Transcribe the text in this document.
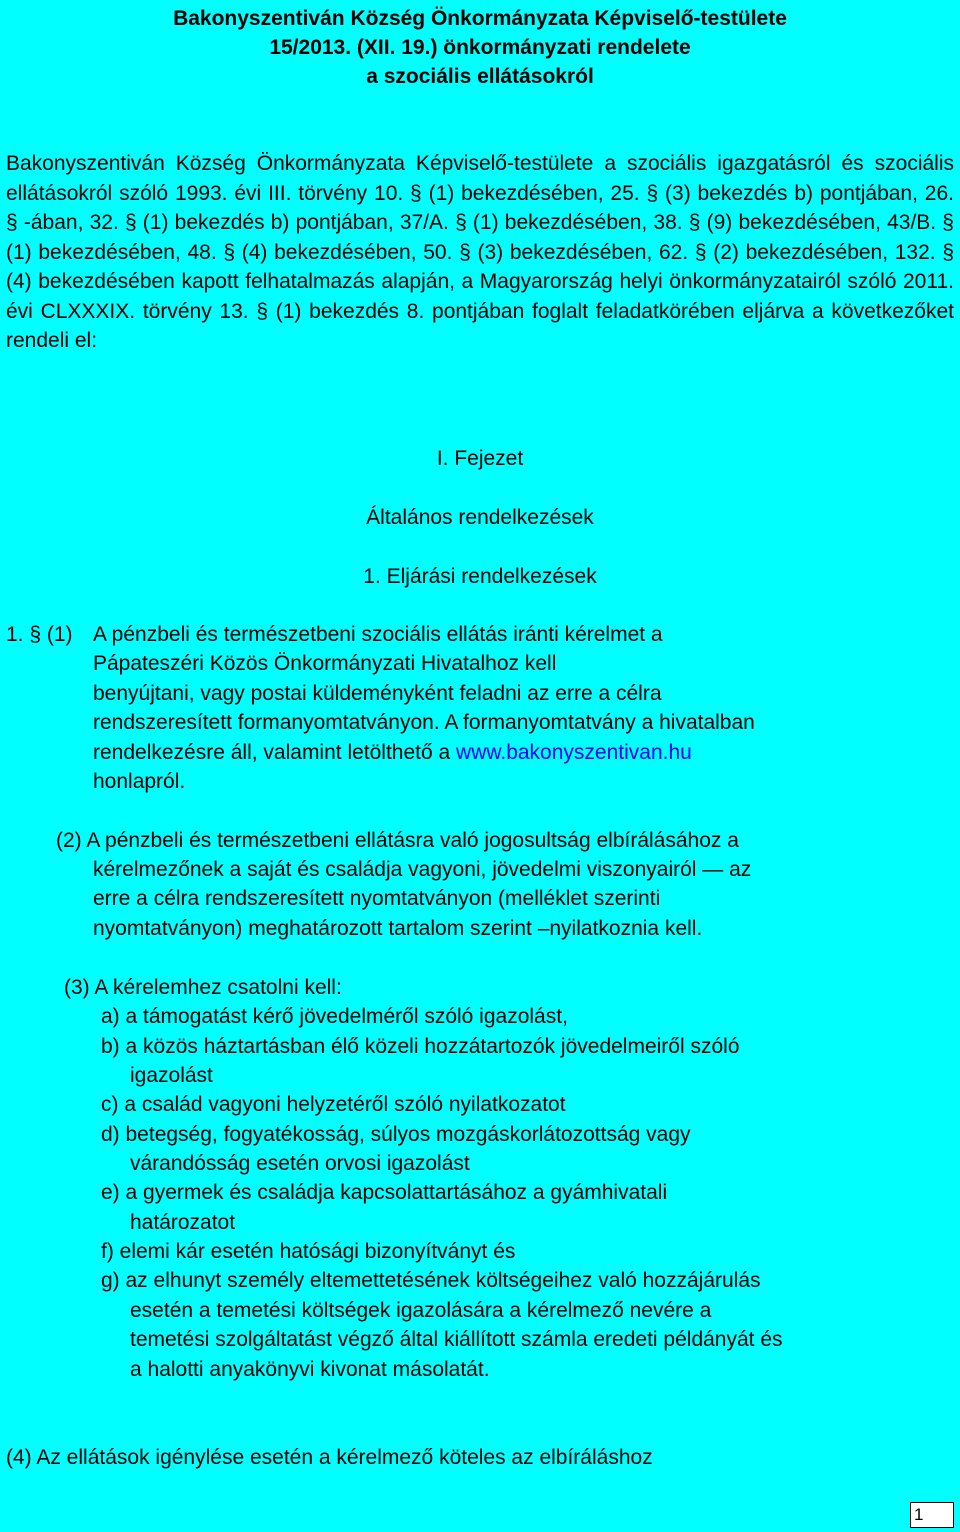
Bakonyszentiván Község Önkormányzata Képviselő-testülete
15/2013. (XII. 19.) önkormányzati rendelete
a szociális ellátásokról
Bakonyszentiván Község Önkormányzata Képviselő-testülete a szociális igazgatásról és szociális ellátásokról szóló 1993. évi III. törvény 10. § (1) bekezdésében, 25. § (3) bekezdés b) pontjában, 26. § -ában, 32. § (1) bekezdés b) pontjában, 37/A. § (1) bekezdésében, 38. § (9) bekezdésében, 43/B. § (1) bekezdésében, 48. § (4) bekezdésében, 50. § (3) bekezdésében, 62. § (2) bekezdésében, 132. § (4) bekezdésében kapott felhatalmazás alapján, a Magyarország helyi önkormányzatairól szóló 2011. évi CLXXXIX. törvény 13. § (1) bekezdés 8. pontjában foglalt feladatkörében eljárva a következőket rendeli el:
I. Fejezet
Általános rendelkezések
1. Eljárási rendelkezések
1. § (1) A pénzbeli és természetbeni szociális ellátás iránti kérelmet a
Pápateszéri Közös Önkormányzati Hivatalhoz kell
benyújtani, vagy postai küldeményként feladni az erre a célra
rendszeresített formanyomtatványon. A formanyomtatvány a hivatalban
rendelkezésre áll, valamint letölthető a www.bakonyszentivan.hu
honlapról.
(2) A pénzbeli és természetbeni ellátásra való jogosultság elbírálásához a
kérelmezőnek a saját és családja vagyoni, jövedelmi viszonyairól — az
erre a célra rendszeresített nyomtatványon (melléklet szerinti
nyomtatványon) meghatározott tartalom szerint –nyilatkoznia kell.
(3) A kérelemhez csatolni kell:
a) a támogatást kérő jövedelméről szóló igazolást,
b) a közös háztartásban élő közeli hozzátartozók jövedelmeiről szóló
igazolást
c) a család vagyoni helyzetéről szóló nyilatkozatot
d) betegség, fogyatékosság, súlyos mozgáskorlátozottság vagy
várandósság esetén orvosi igazolást
e) a gyermek és családja kapcsolattartásához a gyámhivatali
határozatot
f) elemi kár esetén hatósági bizonyítványt és
g) az elhunyt személy eltemettetésének költségeihez való hozzájárulás
esetén a temetési költségek igazolására a kérelmező nevére a
temetési szolgáltatást végző által kiállított számla eredeti példányát és
a halotti anyakönyvi kivonat másolatát.
(4) Az ellátások igénylése esetén a kérelmező köteles az elbíráláshoz
1
